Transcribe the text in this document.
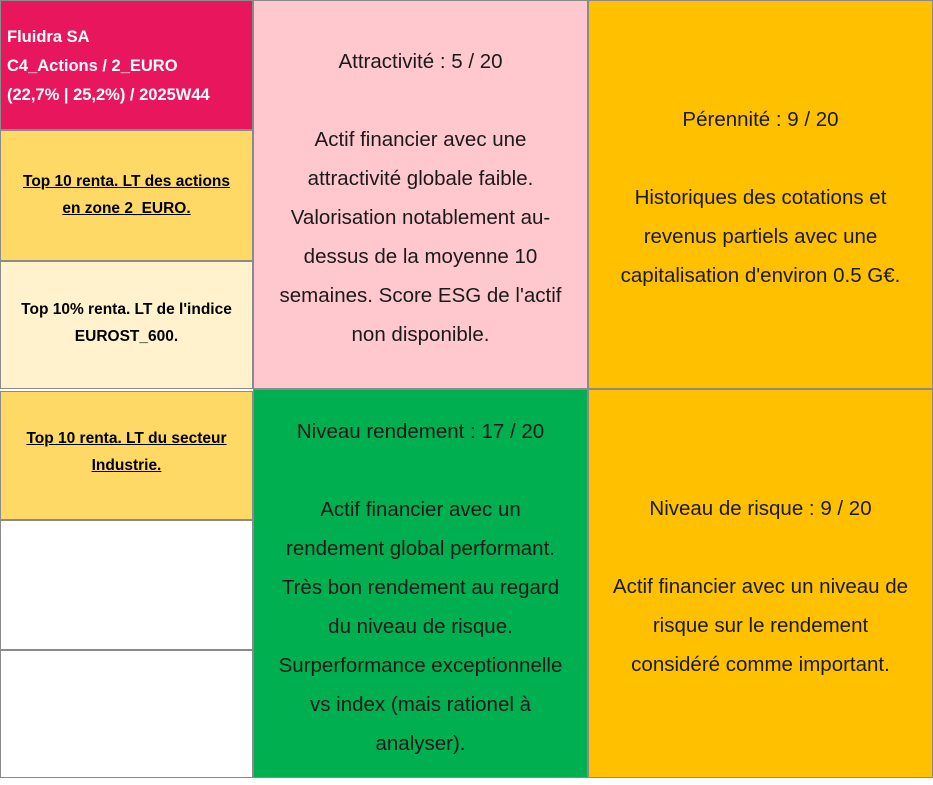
Fluidra SA
C4_Actions / 2_EURO
(22,7% | 25,2%) / 2025W44
Top 10 renta. LT des actions
en zone 2_EURO.
Top 10% renta. LT de l'indice
EUROST_600.
Top 10 renta. LT du secteur
Industrie.

Attractivité : 5 / 20

Actif financier avec une

attractivité globale faible.

Valorisation notablement au-

dessus de la moyenne 10

semaines. Score ESG de l'actif

non disponible.

Pérennité : 9 / 20

Historiques des cotations et

revenus partiels avec une

capitalisation d'environ 0.5 G€.

Niveau rendement : 17 / 20

Actif financier avec un

rendement global performant.

Très bon rendement au regard

du niveau de risque.

Surperformance exceptionnelle

vs index (mais rationel à

analyser).

Niveau de risque : 9 / 20

Actif financier avec un niveau de

risque sur le rendement

considéré comme important.
